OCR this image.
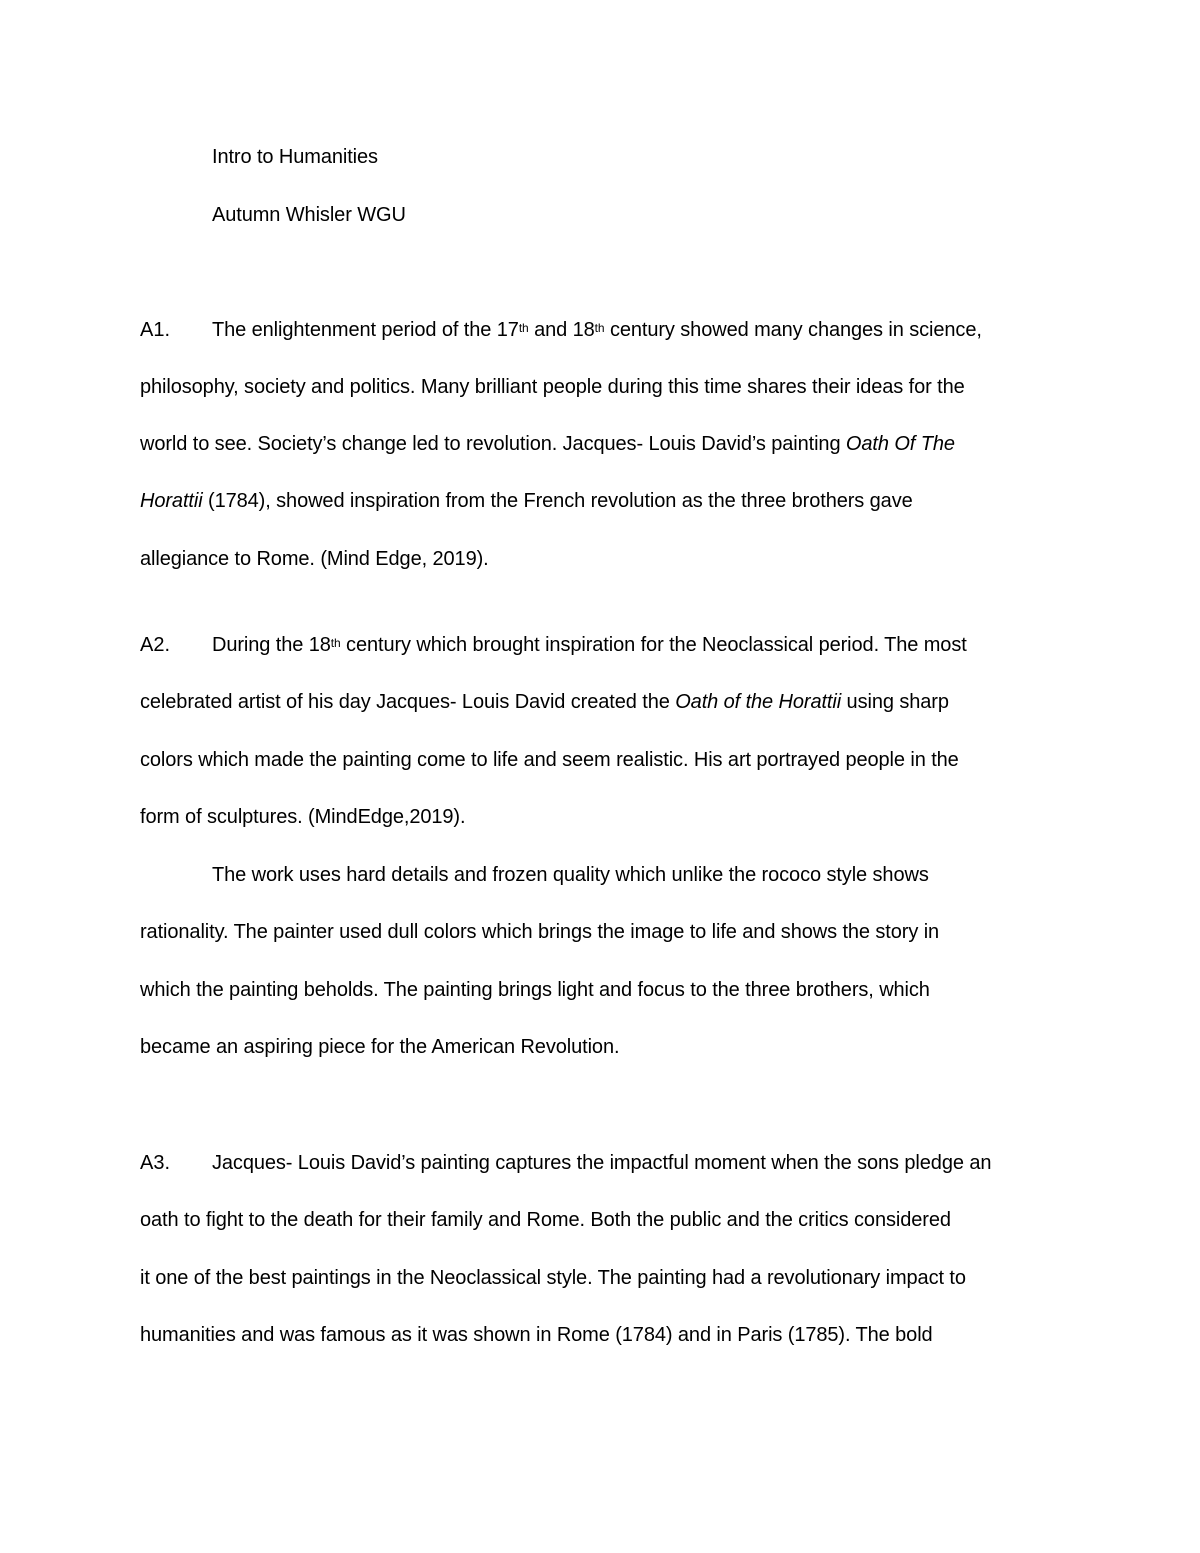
Intro to Humanities
Autumn Whisler WGU
A1. The enlightenment period of the 17th and 18th century showed many changes in science,
philosophy, society and politics. Many brilliant people during this time shares their ideas for the
world to see. Society’s change led to revolution. Jacques- Louis David’s painting Oath Of The
Horattii (1784), showed inspiration from the French revolution as the three brothers gave
allegiance to Rome. (Mind Edge, 2019).
A2. During the 18th century which brought inspiration for the Neoclassical period. The most
celebrated artist of his day Jacques- Louis David created the Oath of the Horattii using sharp
colors which made the painting come to life and seem realistic. His art portrayed people in the
form of sculptures. (MindEdge,2019).
The work uses hard details and frozen quality which unlike the rococo style shows
rationality. The painter used dull colors which brings the image to life and shows the story in
which the painting beholds. The painting brings light and focus to the three brothers, which
became an aspiring piece for the American Revolution.
A3. Jacques- Louis David’s painting captures the impactful moment when the sons pledge an
oath to fight to the death for their family and Rome. Both the public and the critics considered
it one of the best paintings in the Neoclassical style. The painting had a revolutionary impact to
humanities and was famous as it was shown in Rome (1784) and in Paris (1785). The bold
